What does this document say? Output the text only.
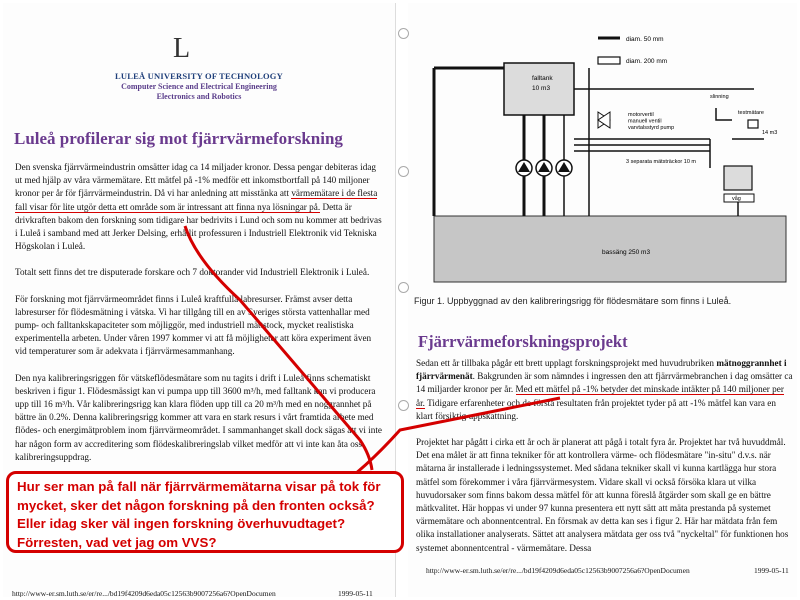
L
LULEÅ UNIVERSITY OF TECHNOLOGY
Computer Science and Electrical Engineering
Electronics and Robotics
Luleå profilerar sig mot fjärrvärmeforskning

Den svenska fjärrvärmeindustrin omsätter idag ca 14 miljader kronor. Dessa pengar debiteras idag ut med hjälp av våra värmemätare. Ett mätfel på -1% medför ett inkomstbortfall på 140 miljoner kronor per år för fjärrvärmeindustrin. Då vi har anledning att misstänka att värmemätare i de flesta fall visar för lite utgör detta ett område som är intressant att finna nya lösningar på. Detta är drivkraften bakom den forskning som tidigare har bedrivits i Lund och som nu kommer att bedrivas i Luleå i samband med att Jerker Delsing, erhållit professuren i Industriell Elektronik vid Tekniska Högskolan i Luleå.

Totalt sett finns det tre disputerade forskare och 7 doktorander vid Industriell Elektronik i Luleå.

För forskning mot fjärrvärmeområdet finns i Luleå kraftfulla labresurser. Främst avser detta labresurser för flödesmätning i vätska. Vi har tillgång till en av Sveriges största vattenhallar med pump- och falltankskapaciteter som möjliggör, med industriell mättstock, mycket realistiska experimentella arbeten. Under våren 1997 kommer vi att få möjligheter att köra experiment även vid temperaturer som är adekvata i fjärrvärmesammanhang.

Den nya kalibreringsriggen för vätskeflödesmätare som nu tagits i drift i Luleå finns schematiskt beskriven i figur 1. Flödesmässigt kan vi pumpa upp till 3600 m³/h, med falltank kan vi producera upp till 16 m³/h. Vår kalibreringsrigg kan klara flöden upp till ca 20 m³/h med en noggrannhet på bättre än 0.2%. Denna kalibreringsrigg kommer att vara en stark resurs i vårt framtida arbete med flödes- och energimätproblem inom fjärrvärmeområdet. I sammanhanget skall dock sägas att vi inte har någon form av accreditering som flödeskalibreringslab vilket medför att vi inte kan åta oss kalibreringsuppdrag.

http://www-er.sm.luth.se/er/re.../bd19f4209d6eda05c12563b9007256a6?OpenDocumen	1999-05-11
diam. 50 mm
diam. 200 mm
bassäng 250 m3
falltank
10 m3
motorvertil manuell ventil varvtalsstyrd pump
3 separata mätsträckor 10 m
slinning
testmätare
14 m3
våg
Figur 1. Uppbyggnad av den kalibreringsrigg för flödesmätare som finns i Luleå.
Fjärrvärmeforskningsprojekt

Sedan ett år tillbaka pågår ett brett upplagt forskningsprojekt med huvudrubriken mätnoggrannhet i fjärrvärmenät. Bakgrunden är som nämndes i ingressen den att fjärrvärmebranchen i dag omsätter ca 14 miljarder kronor per år. Med ett mätfel på -1% betyder det minskade intäkter på 140 miljoner per år. Tidigare erfarenheter och de första resultaten från projektet tyder på att -1% mätfel kan vara en klart försiktig uppskattning.

Projektet har pågått i cirka ett år och är planerat att pågå i totalt fyra år. Projektet har två huvuddmål. Det ena målet är att finna tekniker för att kontrollera värme- och flödesmätare "in-situ" d.v.s. när mätarna är installerade i ledningssystemet. Med sådana tekniker skall vi kunna kartlägga hur stora mätfel som förekommer i våra fjärrvärmesystem. Vidare skall vi också försöka klara ut vilka huvudorsaker som finns bakom dessa mätfel för att kunna föreslå åtgärder som skall ge en bättre mätkvalitet. Här hoppas vi under 97 kunna presentera ett nytt sätt att mäta prestanda på systemet värmemätare och abonnentcentral. En försmak av detta kan ses i figur 2. Här har mätdata från fem olika installationer analyserats. Sättet att analysera mätdata ger oss två "nyckeltal" för funktionen hos systemet abonnentcentral - värmemätare. Dessa

http://www-er.sm.luth.se/er/re.../bd19f4209d6eda05c12563b9007256a6?OpenDocumen	1999-05-11
Hur ser man på fall när fjärrvärmemätarna visar på tok för
mycket, sker det någon forskning på den fronten också?
Eller idag sker väl ingen forskning överhuvudtaget?
Förresten, vad vet jag om VVS?
